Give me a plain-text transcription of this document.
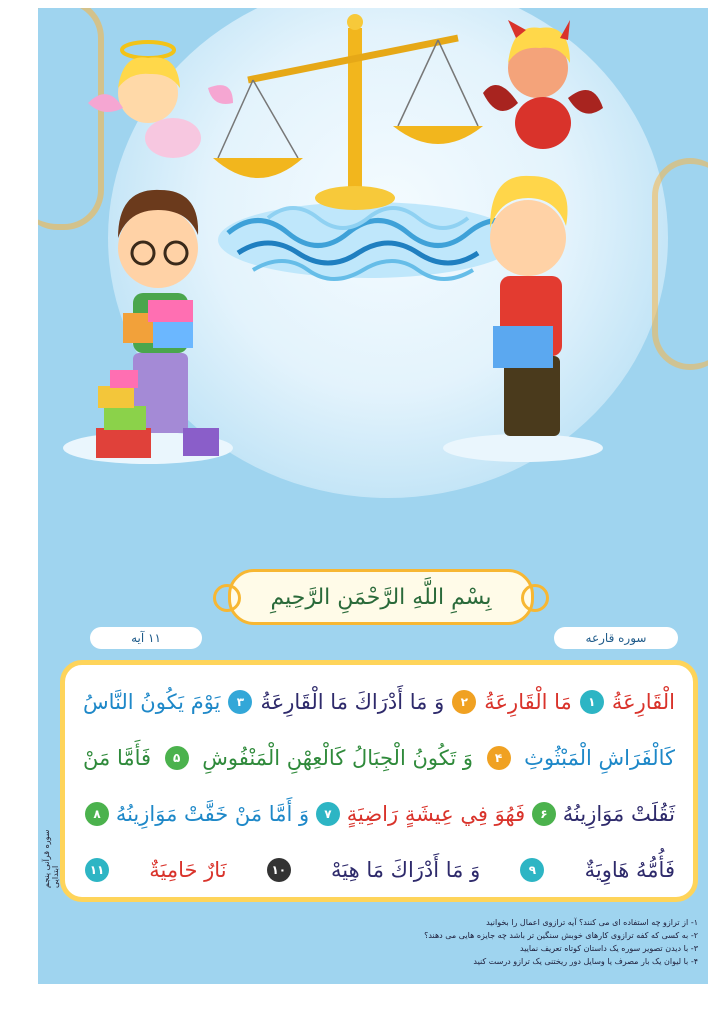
بِسْمِ اللَّهِ الرَّحْمَنِ الرَّحِيمِ
۱۱ آیه	سوره قارعه
الْقَارِعَةُ
۱
مَا الْقَارِعَةُ
۲
وَ مَا أَدْرَاكَ مَا الْقَارِعَةُ
۳
يَوْمَ يَكُونُ النَّاسُ
كَالْفَرَاشِ الْمَبْثُوثِ
۴
وَ تَكُونُ الْجِبَالُ كَالْعِهْنِ الْمَنْفُوشِ
۵
فَأَمَّا مَنْ
ثَقُلَتْ مَوَازِينُهُ
۶
فَهُوَ فِي عِيشَةٍ رَاضِيَةٍ
۷
وَ أَمَّا مَنْ خَفَّتْ مَوَازِينُهُ
۸
فَأُمُّهُ هَاوِيَةٌ
۹
وَ مَا أَدْرَاكَ مَا هِيَهْ
۱۰
نَارٌ حَامِيَةٌ
۱۱
سوره قرآنی پنجم ابتدایی
۱- از ترازو چه استفاده ای می کنند؟ آیه ترازوی اعمال را بخوانید
۲- به کسی که کفه ترازوی کارهای خوبش سنگین تر باشد چه جایزه هایی می دهند؟
۳- با دیدن تصویر سوره یک داستان کوتاه تعریف نمایید
۴- با لیوان یک بار مصرف یا وسایل دور ریختنی یک ترازو درست کنید
